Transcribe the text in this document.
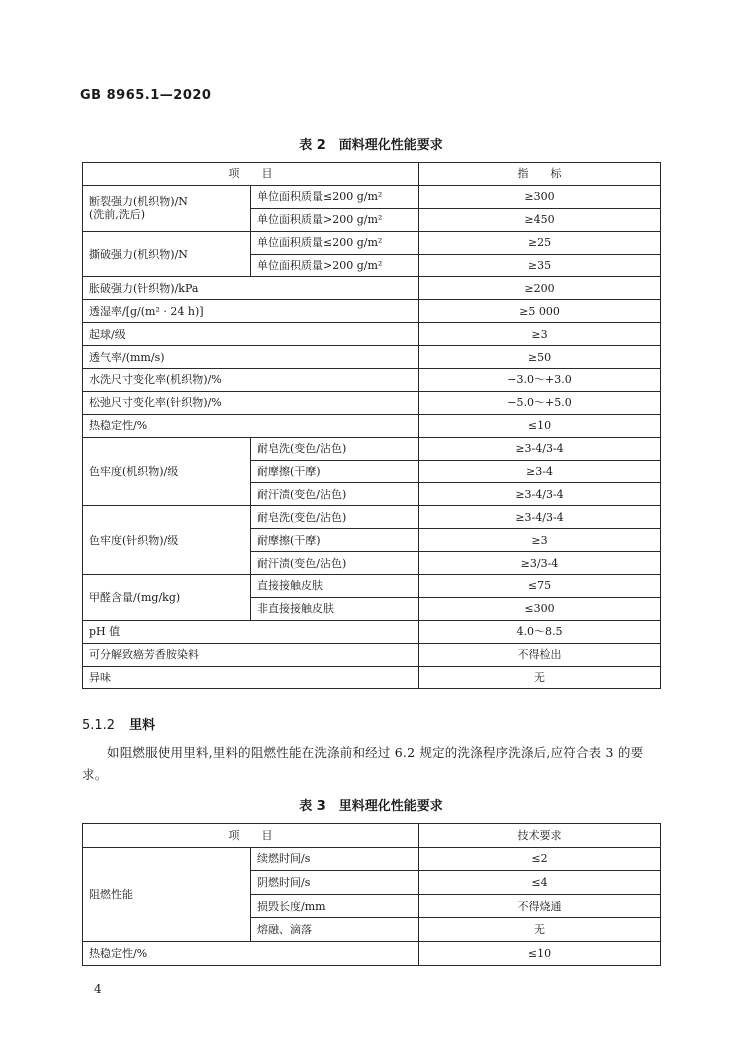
GB 8965.1—2020
表 2　面料理化性能要求
项　　目		指　　标
断裂强力(机织物)/N
(洗前,洗后)	单位面积质量≤200 g/m²	≥300
	单位面积质量>200 g/m²	≥450
撕破强力(机织物)/N	单位面积质量≤200 g/m²	≥25
	单位面积质量>200 g/m²	≥35
胀破强力(针织物)/kPa		≥200
透湿率/[g/(m² · 24 h)]		≥5 000
起球/级		≥3
透气率/(mm/s)		≥50
水洗尺寸变化率(机织物)/%		−3.0～+3.0
松弛尺寸变化率(针织物)/%		−5.0～+5.0
热稳定性/%		≤10
色牢度(机织物)/级	耐皂洗(变色/沾色)	≥3-4/3-4
	耐摩擦(干摩)	≥3-4
	耐汗渍(变色/沾色)	≥3-4/3-4
色牢度(针织物)/级	耐皂洗(变色/沾色)	≥3-4/3-4
	耐摩擦(干摩)	≥3
	耐汗渍(变色/沾色)	≥3/3-4
甲醛含量/(mg/kg)	直接接触皮肤	≤75
	非直接接触皮肤	≤300
pH 值		4.0～8.5
可分解致癌芳香胺染料		不得检出
异味		无
5.1.2 里料
如阻燃服使用里料,里料的阻燃性能在洗涤前和经过 6.2 规定的洗涤程序洗涤后,应符合表 3 的要求。
表 3　里料理化性能要求
项　　目		技术要求
阻燃性能	续燃时间/s	≤2
	阴燃时间/s	≤4
	损毁长度/mm	不得烧通
	熔融、滴落	无
热稳定性/%		≤10
4
